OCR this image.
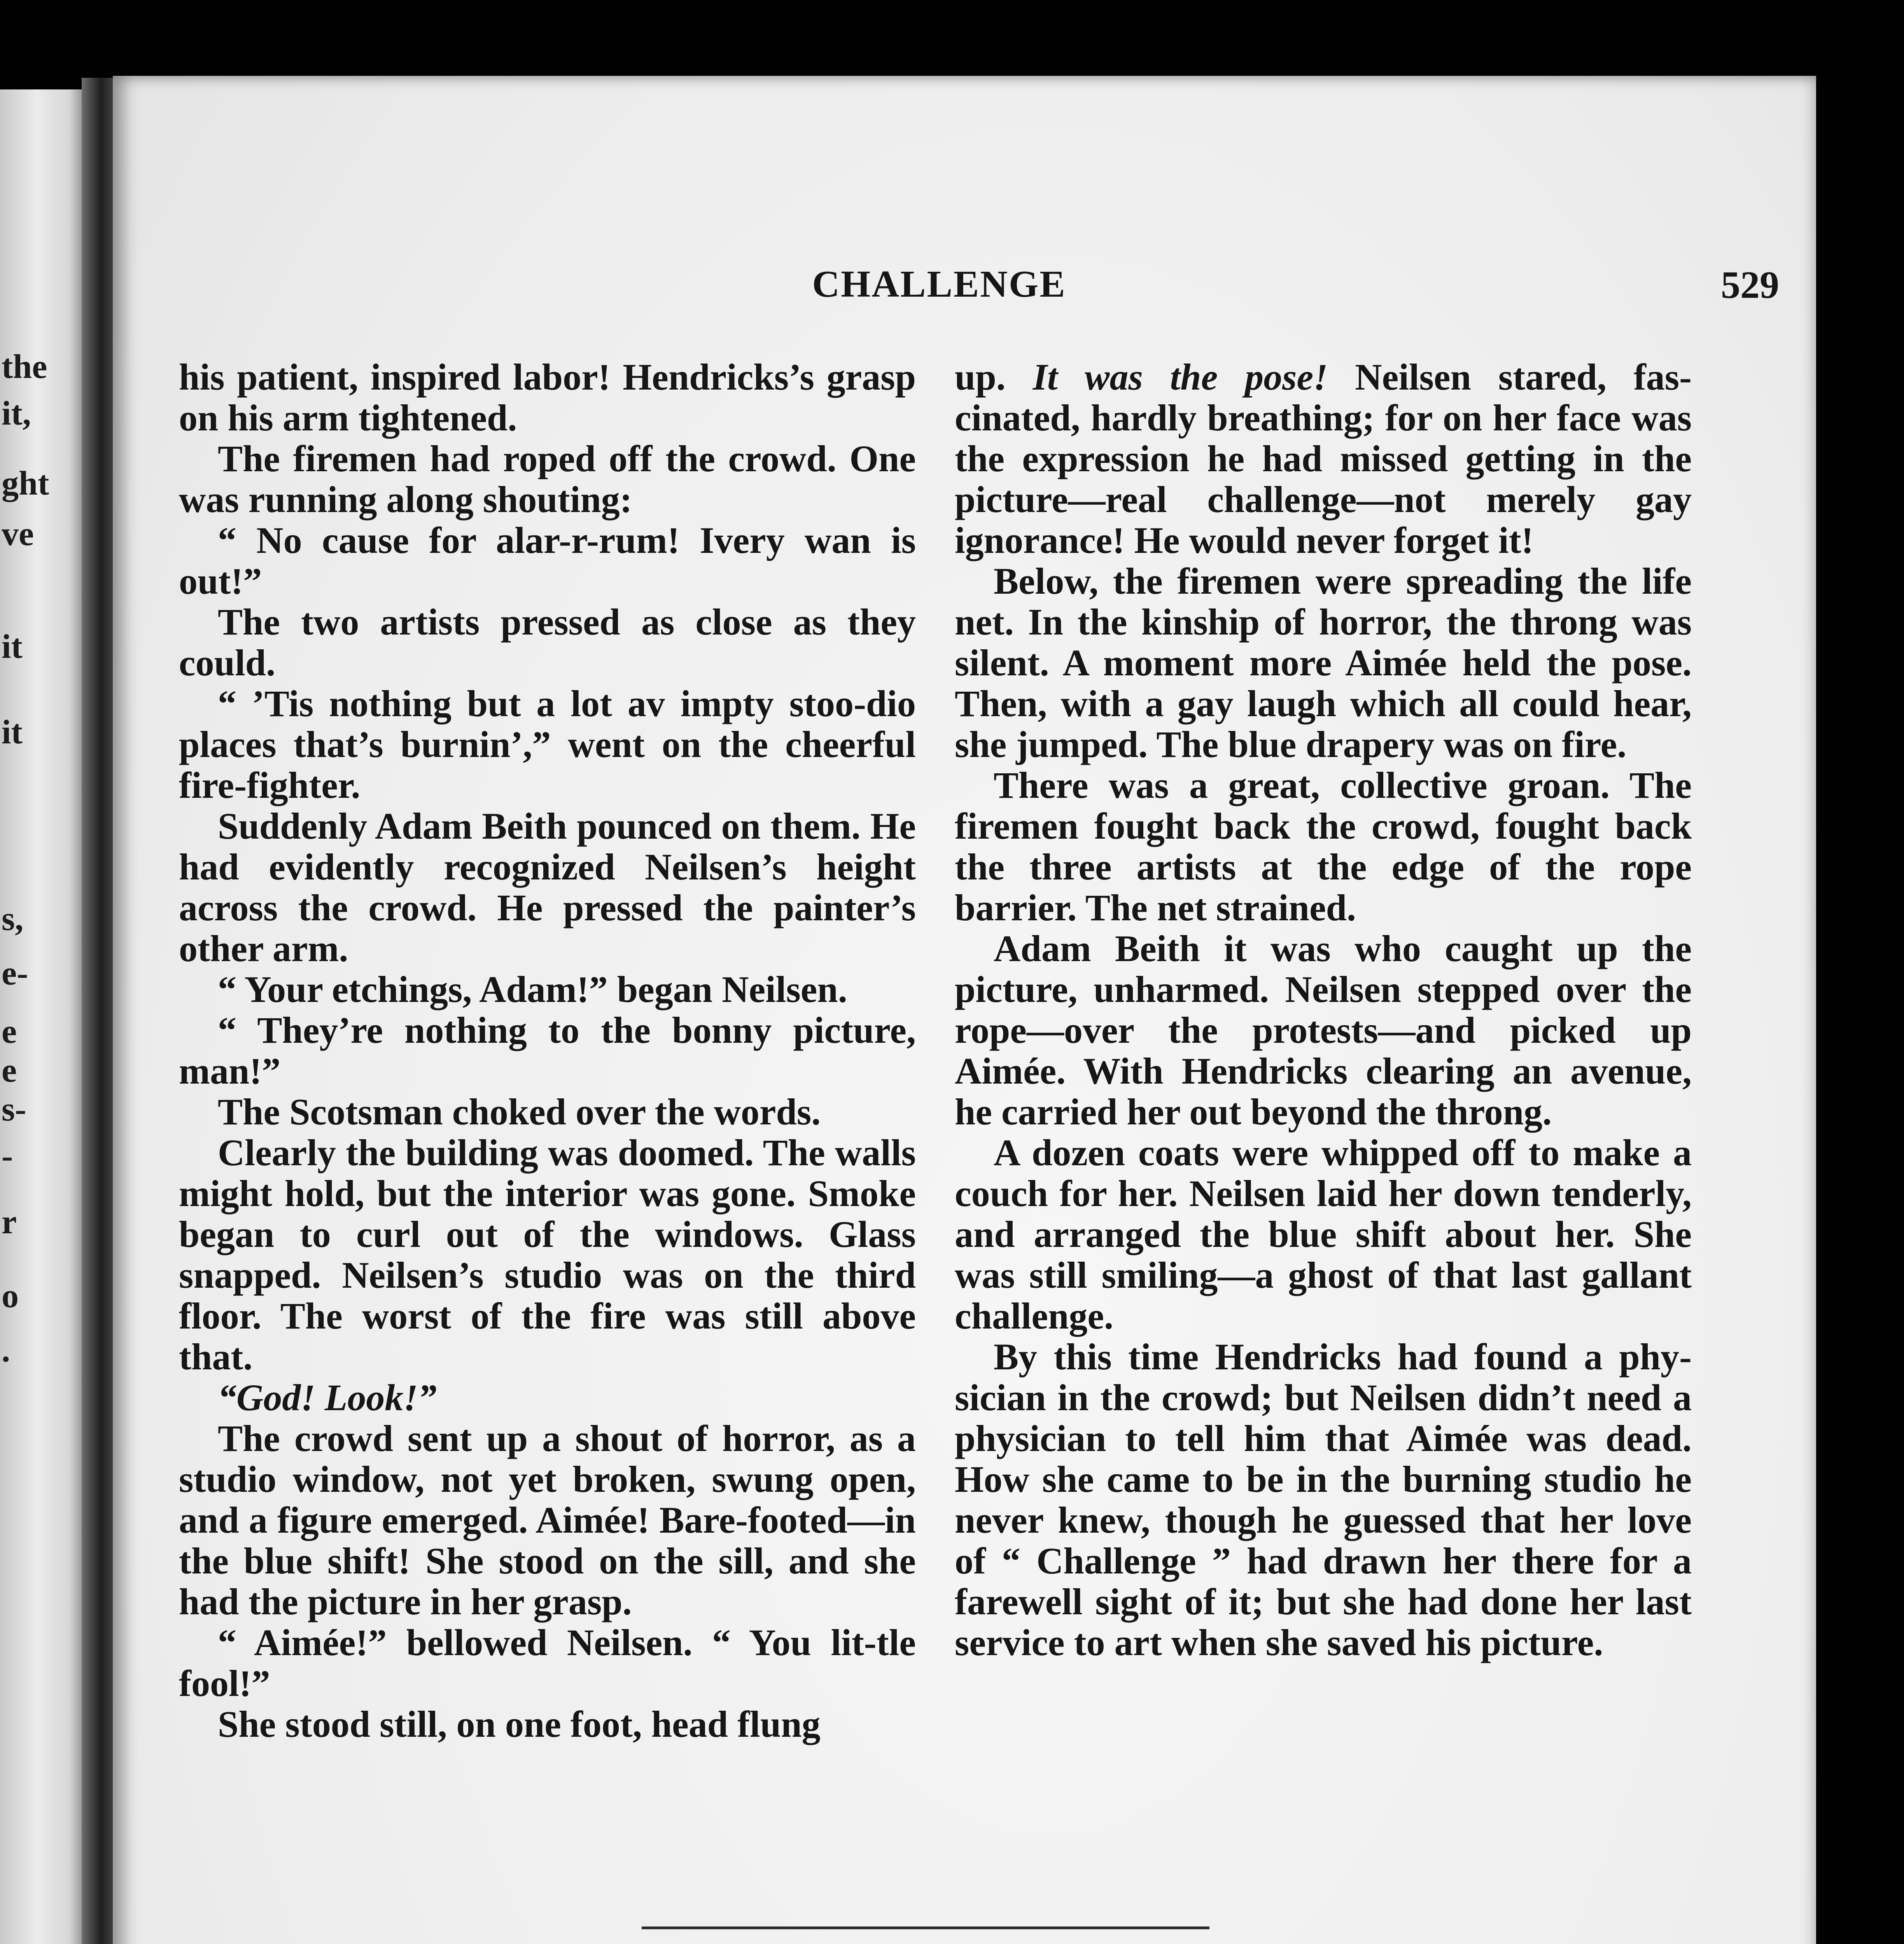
the
it,
ght
ve
it
it
s,
e-
e
e
s-
-
r
o
.
CHALLENGE	529

his patient, inspired labor! Hendricks’s grasp on his arm tightened.

The firemen had roped off the crowd. One was running along shouting:

“ No cause for alar-r-rum! Ivery wan is out!”

The two artists pressed as close as they could.

“ ’Tis nothing but a lot av impty stoo-dio places that’s burnin’,” went on the cheerful fire-fighter.

Suddenly Adam Beith pounced on them. He had evidently recognized Neilsen’s height across the crowd. He pressed the painter’s other arm.

“ Your etchings, Adam!” began Neilsen.

“ They’re nothing to the bonny picture, man!”

The Scotsman choked over the words.

Clearly the building was doomed. The walls might hold, but the interior was gone. Smoke began to curl out of the windows. Glass snapped. Neilsen’s studio was on the third floor. The worst of the fire was still above that.

“God! Look!”

The crowd sent up a shout of horror, as a studio window, not yet broken, swung open, and a figure emerged. Aimée! Bare-footed—in the blue shift! She stood on the sill, and she had the picture in her grasp.

“ Aimée!” bellowed Neilsen. “ You lit-tle fool!”

She stood still, on one foot, head flung

up. It was the pose! Neilsen stared, fas-cinated, hardly breathing; for on her face was the expression he had missed getting in the picture—real challenge—not merely gay ignorance! He would never forget it!

Below, the firemen were spreading the life net. In the kinship of horror, the throng was silent. A moment more Aimée held the pose. Then, with a gay laugh which all could hear, she jumped. The blue drapery was on fire.

There was a great, collective groan. The firemen fought back the crowd, fought back the three artists at the edge of the rope barrier. The net strained.

Adam Beith it was who caught up the picture, unharmed. Neilsen stepped over the rope—over the protests—and picked up Aimée. With Hendricks clearing an avenue, he carried her out beyond the throng.

A dozen coats were whipped off to make a couch for her. Neilsen laid her down tenderly, and arranged the blue shift about her. She was still smiling—a ghost of that last gallant challenge.

By this time Hendricks had found a phy-sician in the crowd; but Neilsen didn’t need a physician to tell him that Aimée was dead. How she came to be in the burning studio he never knew, though he guessed that her love of “ Challenge ” had drawn her there for a farewell sight of it; but she had done her last service to art when she saved his picture.
